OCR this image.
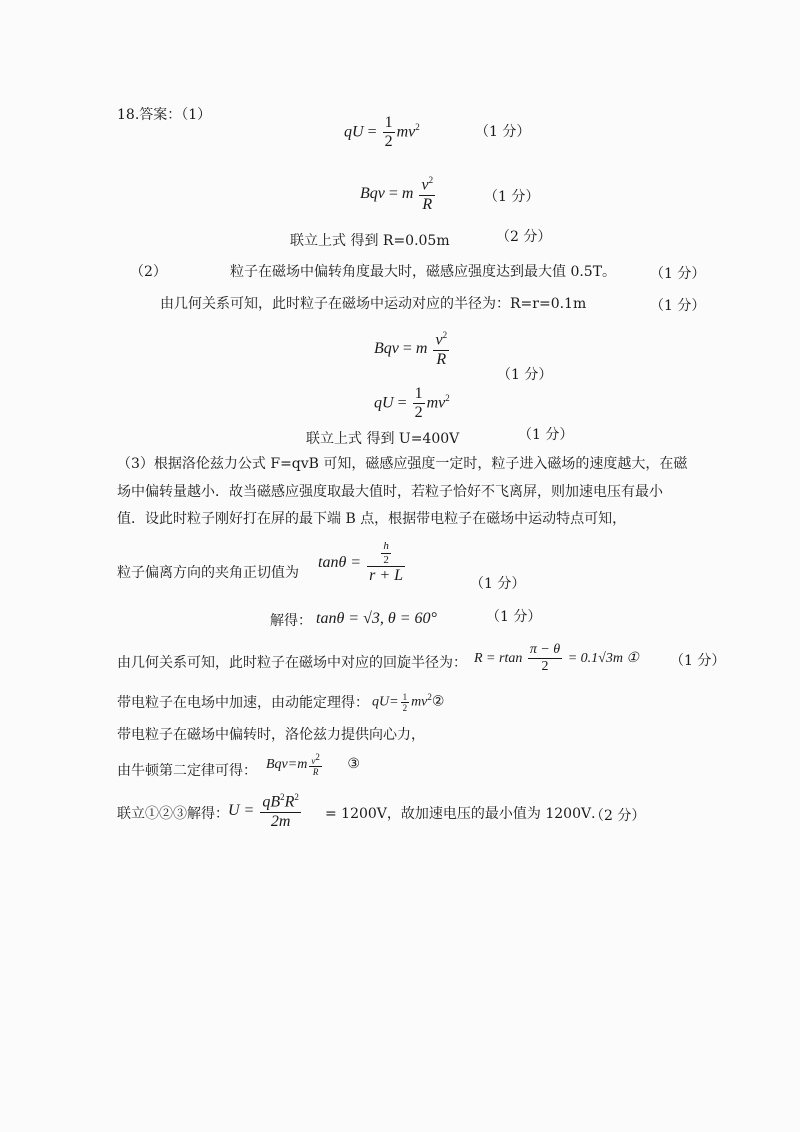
18.答案：（1）
qU = $\frac{1}{2} mv^2$	（1 分）
Bqv = m $\frac{v^2}{R}$	（1 分）
联立上式 得到 R=0.05m	（2 分）
（2）	粒子在磁场中偏转角度最大时，磁感应强度达到最大值 0.5T。 （1 分）
由几何关系可知，此时粒子在磁场中运动对应的半径为：R=r=0.1m	（1 分）
Bqv = m $\frac{v^2}{R}$
（1 分）
qU = $\frac{1}{2} mv^2$
联立上式 得到 U=400V	（1 分）
（3）根据洛伦兹力公式 F=qvB 可知，磁感应强度一定时，粒子进入磁场的速度越大，在磁
场中偏转量越小．故当磁感应强度取最大值时，若粒子恰好不飞离屏，则加速电压有最小
值．设此时粒子刚好打在屏的最下端 B 点，根据带电粒子在磁场中运动特点可知，
粒子偏离方向的夹角正切值为
$\tan\theta = \frac{\frac{h}{2}}{r + L}$	（1 分）
解得： tanθ = √3, θ = 60°	（1 分）
由几何关系可知，此时粒子在磁场中对应的回旋半径为： R = rtan $\frac{\pi - \theta}{2} = 0.1√3m$ ① （1 分）
带电粒子在电场中加速，由动能定理得： $qU= \frac{1}{2}$ $mv^2②$
带电粒子在磁场中偏转时，洛伦兹力提供向心力，
由牛顿第二定律可得： $Bqv=m \frac{v^2}{R}$ ③
联立①②③解得： $U = \frac{qB^2R^2}{2m} = 1200V$，故加速电压的最小值为 1200V．
（2 分）
